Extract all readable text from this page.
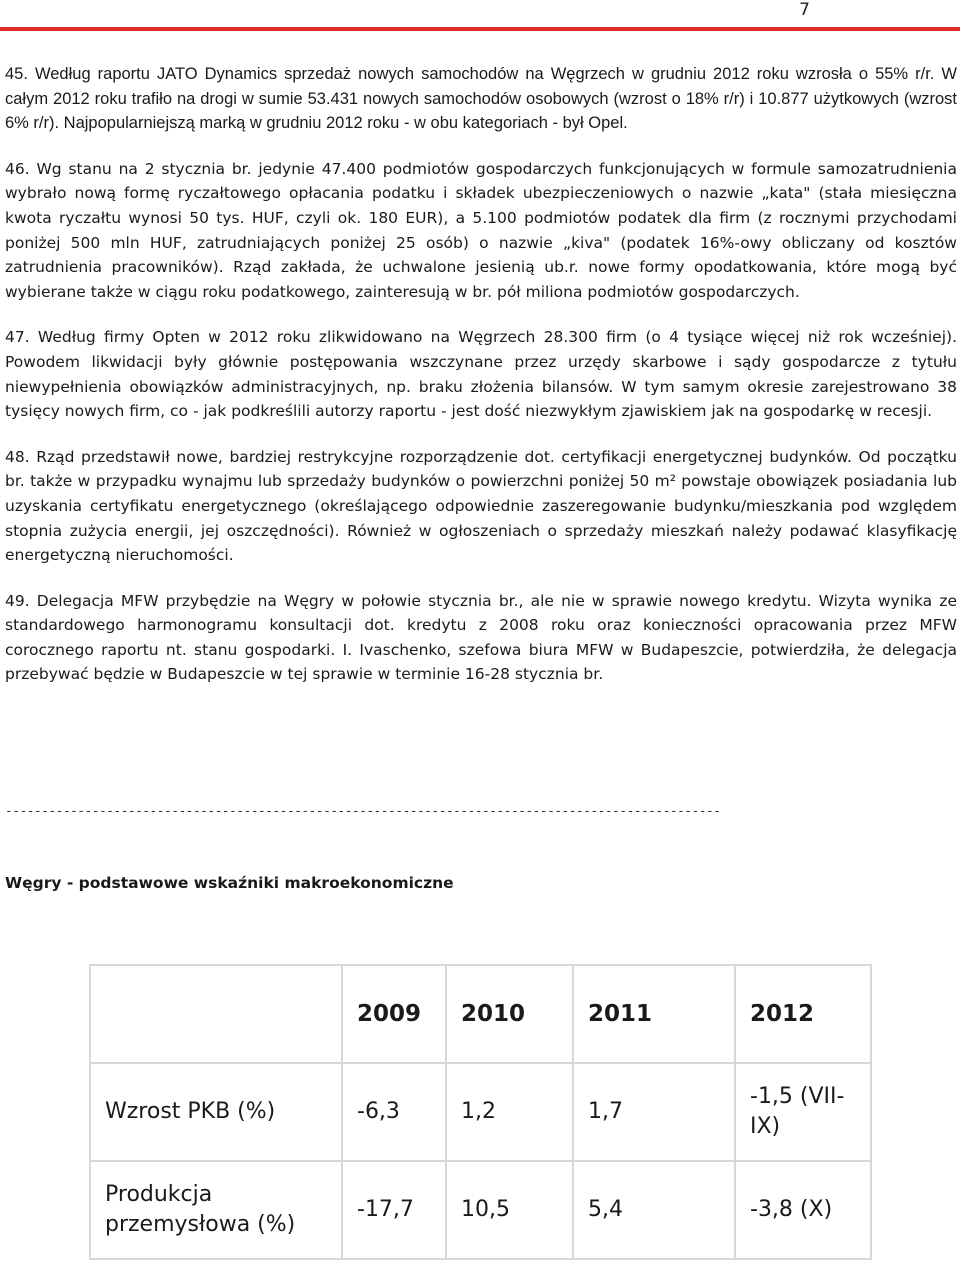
7

45. Według raportu JATO Dynamics sprzedaż nowych samochodów na Węgrzech w grudniu 2012 roku wzrosła o 55% r/r. W całym 2012 roku trafiło na drogi w sumie 53.431 nowych samochodów osobowych (wzrost o 18% r/r) i 10.877 użytkowych (wzrost 6% r/r). Najpopularniejszą marką w grudniu 2012 roku - w obu kategoriach - był Opel.

46. Wg stanu na 2 stycznia br. jedynie 47.400 podmiotów gospodarczych funkcjonujących w formule samozatrudnienia wybrało nową formę ryczałtowego opłacania podatku i składek ubezpieczeniowych o nazwie „kata" (stała miesięczna kwota ryczałtu wynosi 50 tys. HUF, czyli ok. 180 EUR), a 5.100 podmiotów podatek dla firm (z rocznymi przychodami poniżej 500 mln HUF, zatrudniających poniżej 25 osób) o nazwie „kiva" (podatek 16%-owy obliczany od kosztów zatrudnienia pracowników). Rząd zakłada, że uchwalone jesienią ub.r. nowe formy opodatkowania, które mogą być wybierane także w ciągu roku podatkowego, zainteresują w br. pół miliona podmiotów gospodarczych.

47. Według firmy Opten w 2012 roku zlikwidowano na Węgrzech 28.300 firm (o 4 tysiące więcej niż rok wcześniej). Powodem likwidacji były głównie postępowania wszczynane przez urzędy skarbowe i sądy gospodarcze z tytułu niewypełnienia obowiązków administracyjnych, np. braku złożenia bilansów. W tym samym okresie zarejestrowano 38 tysięcy nowych firm, co - jak podkreślili autorzy raportu - jest dość niezwykłym zjawiskiem jak na gospodarkę w recesji.

48. Rząd przedstawił nowe, bardziej restrykcyjne rozporządzenie dot. certyfikacji energetycznej budynków. Od początku br. także w przypadku wynajmu lub sprzedaży budynków o powierzchni poniżej 50 m² powstaje obowiązek posiadania lub uzyskania certyfikatu energetycznego (określającego odpowiednie zaszeregowanie budynku/mieszkania pod względem stopnia zużycia energii, jej oszczędności). Również w ogłoszeniach o sprzedaży mieszkań należy podawać klasyfikację energetyczną nieruchomości.

49. Delegacja MFW przybędzie na Węgry w połowie stycznia br., ale nie w sprawie nowego kredytu. Wizyta wynika ze standardowego harmonogramu konsultacji dot. kredytu z 2008 roku oraz konieczności opracowania przez MFW corocznego raportu nt. stanu gospodarki. I. Ivaschenko, szefowa biura MFW w Budapeszcie, potwierdziła, że delegacja przebywać będzie w Budapeszcie w tej sprawie w terminie 16-28 stycznia br.

---------------------------------------------------------------------------------------------------
Węgry - podstawowe wskaźniki makroekonomiczne
	2009	2010	2011	2012
Wzrost PKB (%)	-6,3	1,2	1,7	-1,5 (VII-IX)
Produkcja przemysłowa (%)	-17,7	10,5	5,4	-3,8 (X)
